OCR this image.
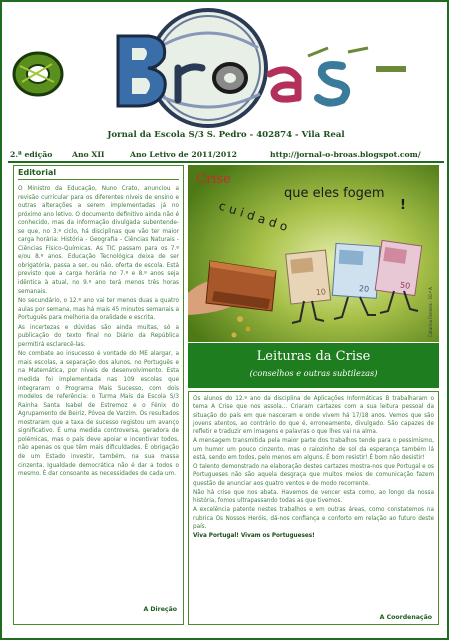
Jornal da Escola S/3 S. Pedro - 402874 - Vila Real
2.ª edição	Ano XII	Ano Letivo de 2011/2012	http://jornal-o-broas.blogspot.com/
Editorial

O Ministro da Educação, Nuno Crato, anunciou a revisão curricular para os diferentes níveis de ensino e outras alterações a serem implementadas já no próximo ano letivo. O documento definitivo ainda não é conhecido, mas da informação divulgada subentende-se que, no 3.º ciclo, há disciplinas que vão ter maior carga horária: História - Geografia - Ciências Naturais - Ciências Físico-Químicas. As TIC passam para os 7.º e/ou 8.º anos. Educação Tecnológica deixa de ser obrigatória, passa a ser, ou não, oferta de escola. Está previsto que a carga horária no 7.º e 8.º anos seja idêntica à atual, no 9.º ano terá menos três horas semanais.

No secundário, o 12.º ano vai ter menos duas a quatro aulas por semana, mas há mais 45 minutos semanais a Português para melhoria da oralidade e escrita.

As incertezas e dúvidas são ainda muitas, só a publicação do texto final no Diário da República permitirá esclarecê-las.

No combate ao insucesso é vontade do ME alargar, a mais escolas, a separação dos alunos, no Português e na Matemática, por níveis de desenvolvimento. Esta medida foi implementada nas 109 escolas que integraram o Programa Mais Sucesso, com dois modelos de referência: o Turma Mais da Escola S/3 Rainha Santa Isabel de Estremoz e o Fénix do Agrupamento de Beiriz, Póvoa de Varzim. Os resultados mostraram que a taxa de sucesso registou um avanço significativo. É uma medida controversa, geradora de polémicas, mas o país deve apoiar e incentivar todos, não apenas os que têm mais dificuldades. É obrigação de um Estado investir, também, na sua massa cinzenta. Igualdade democrática não é dar a todos o mesmo. É dar consoante as necessidades de cada um.

A Direção
10	20	50
Crise
cuidado
que eles fogem
!
Catarina Ferreira - 10.º A
Leituras da Crise
(conselhos e outras subtilezas)

Os alunos do 12.º ano da disciplina de Aplicações Informáticas B trabalharam o tema A Crise que nos assola... Criaram cartazes com a sua leitura pessoal da situação do país em que nasceram e onde vivem há 17/18 anos. Vemos que são jovens atentos, ao contrário do que é, erroneamente, divulgado. São capazes de refletir e traduzir em imagens e palavras o que lhes vai na alma.

A mensagem transmitida pela maior parte dos trabalhos tende para o pessimismo, um humor um pouco cinzento, mas o raiozinho de sol da esperança também lá está, sendo em todos, pelo menos em alguns. É bom resistir! É bom não desistir!

O talento demonstrado na elaboração destes cartazes mostra-nos que Portugal e os Portugueses não são aquela desgraça que muitos meios de comunicação fazem questão de anunciar aos quatro ventos e de modo recorrente.

Não há crise que nos abata. Havemos de vencer esta como, ao longo da nossa história, fomos ultrapassando todas as que tivemos.

A excelência patente nestes trabalhos e em outras áreas, como constatemos na rubrica Os Nossos Heróis, dá-nos confiança e conforto em relação ao futuro deste país.

Viva Portugal! Vivam os Portugueses!

A Coordenação
